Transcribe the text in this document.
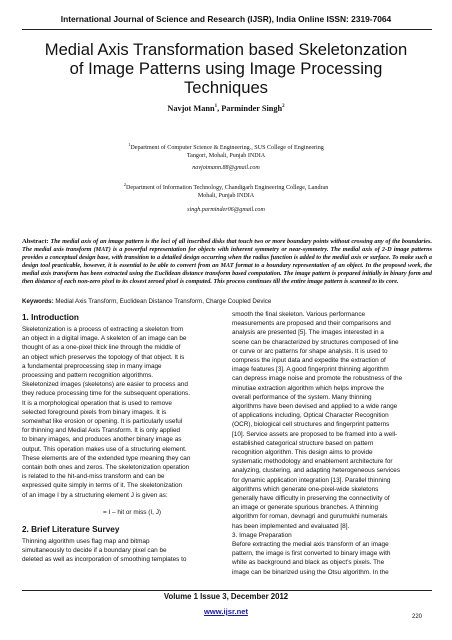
International Journal of Science and Research (IJSR), India Online ISSN: 2319-7064
Medial Axis Transformation based Skeletonzation
of Image Patterns using Image Processing
Techniques
Navjot Mann$^1$, Parminder Singh$^2$
$^1$Department of Computer Science & Engineering., SUS College of Engineering
Tangori, Mohali, Punjab INDIA
navjotmann.88@gmail.com
$^2$Department of Information Technology, Chandigarh Engineering College, Landran
Mohali, Punjab INDIA
singh.parminder06@gmail.com
Abstract: The medial axis of an image pattern is the loci of all inscribed disks that touch two or more boundary points without crossing any of the boundaries. The medial axis transform (MAT) is a powerful representation for objects with inherent symmetry or near-symmetry. The medial axis of 2-D image patterns provides a conceptual design base, with transition to a detailed design occurring when the radius function is added to the medial axis or surface. To make such a design tool practicable, however, it is essential to be able to convert from an MAT format to a boundary representation of an object. In the proposed work, the medial axis transform has been extracted using the Euclidean distance transform based computation. The image pattern is prepared initially in binary form and then distance of each non-zero pixel to its closest zeroed pixel is computed. This process continues till the entire image pattern is scanned to its core.
Keywords: Medial Axis Transform, Euclidean Distance Transform, Charge Coupled Device
1. Introduction
Skeletonization is a process of extracting a skeleton from
an object in a digital image. A skeleton of an image can be
thought of as a one-pixel thick line through the middle of
an object which preserves the topology of that object. It is
a fundamental preprocessing step in many image
processing and pattern recognition algorithms.
Skeletonized images (skeletons) are easier to process and
they reduce processing time for the subsequent operations.
It is a morphological operation that is used to remove
selected foreground pixels from binary images. It is
somewhat like erosion or opening. It is particularly useful
for thinning and Medial Axis Transform. It is only applied
to binary images, and produces another binary image as
output. This operation makes use of a structuring element.
These elements are of the extended type meaning they can
contain both ones and zeros. The skeletonization operation
is related to the hit-and-miss transform and can be
expressed quite simply in terms of it. The skeletonization
of an image I by a structuring element J is given as:
= I – hit or miss (I, J)
2. Brief Literature Survey
Thinning algorithm uses flag map and bitmap
simultaneously to decide if a boundary pixel can be
deleted as well as incorporation of smoothing templates to
smooth the final skeleton. Various performance
measurements are proposed and their comparisons and
analysis are presented [5]. The images interested in a
scene can be characterized by structures composed of line
or curve or arc patterns for shape analysis. It is used to
compress the input data and expedite the extraction of
image features [3]. A good fingerprint thinning algorithm
can depress image noise and promote the robustness of the
minutiae extraction algorithm which helps improve the
overall performance of the system. Many thinning
algorithms have been devised and applied to a wide range
of applications including, Optical Character Recognition
(OCR), biological cell structures and fingerprint patterns
[10]. Service assets are proposed to be framed into a well-
established categorical structure based on pattern
recognition algorithm. This design aims to provide
systematic methodology and enablement architecture for
analyzing, clustering, and adapting heterogeneous services
for dynamic application integration [13]. Parallel thinning
algorithms which generate one-pixel-wide skeletons
generally have difficulty in preserving the connectivity of
an image or generate spurious branches. A thinning
algorithm for roman, devnagri and gurumukhi numerals
has been implemented and evaluated [8].
3. Image Preparation
Before extracting the medial axis transform of an image
pattern, the image is first converted to binary image with
white as background and black as object’s pixels. The
image can be binarized using the Otsu algorithm. In the
Volume 1 Issue 3, December 2012
www.ijsr.net
220
